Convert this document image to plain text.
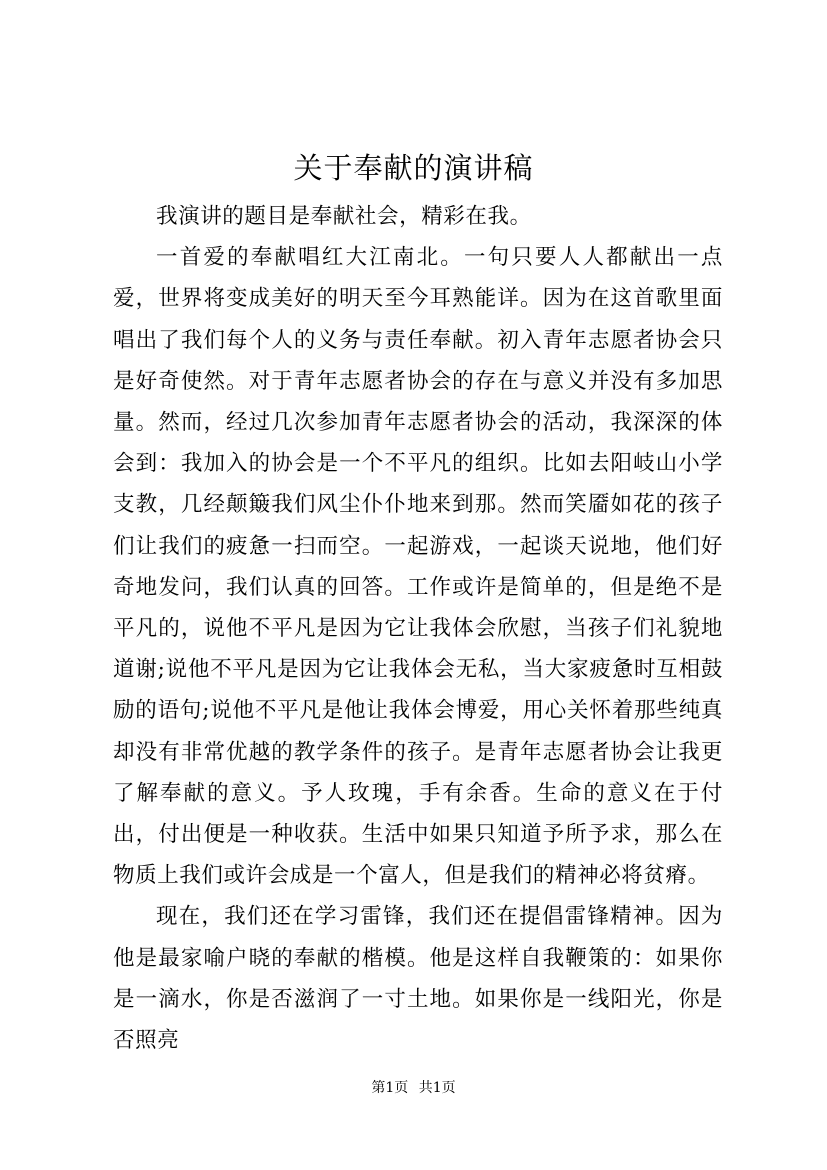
关于奉献的演讲稿

我演讲的题目是奉献社会，精彩在我。

一首爱的奉献唱红大江南北。一句只要人人都献出一点爱，世界将变成美好的明天至今耳熟能详。因为在这首歌里面唱出了我们每个人的义务与责任奉献。初入青年志愿者协会只是好奇使然。对于青年志愿者协会的存在与意义并没有多加思量。然而，经过几次参加青年志愿者协会的活动，我深深的体会到：我加入的协会是一个不平凡的组织。比如去阳岐山小学支教，几经颠簸我们风尘仆仆地来到那。然而笑靥如花的孩子们让我们的疲惫一扫而空。一起游戏，一起谈天说地，他们好奇地发问，我们认真的回答。工作或许是简单的，但是绝不是平凡的，说他不平凡是因为它让我体会欣慰，当孩子们礼貌地道谢;说他不平凡是因为它让我体会无私，当大家疲惫时互相鼓励的语句;说他不平凡是他让我体会博爱，用心关怀着那些纯真却没有非常优越的教学条件的孩子。是青年志愿者协会让我更了解奉献的意义。予人玫瑰，手有余香。生命的意义在于付出，付出便是一种收获。生活中如果只知道予所予求，那么在物质上我们或许会成是一个富人，但是我们的精神必将贫瘠。

现在，我们还在学习雷锋，我们还在提倡雷锋精神。因为他是最家喻户晓的奉献的楷模。他是这样自我鞭策的：如果你是一滴水，你是否滋润了一寸土地。如果你是一线阳光，你是否照亮

第1页 共1页
